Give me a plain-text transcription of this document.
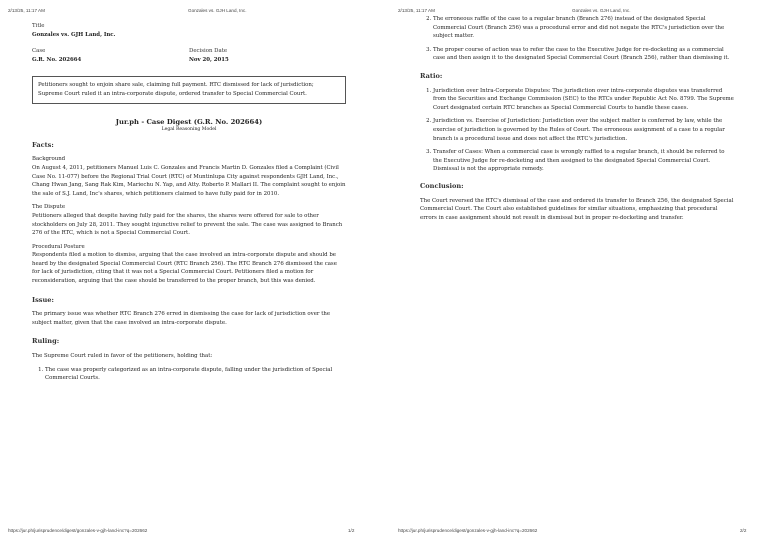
2/13/25, 11:17 AM	Gonzales vs. GJH Land, Inc.
Title
Gonzales vs. GJH Land, Inc.
Case
G.R. No. 202664
Decision Date
Nov 20, 2015
Petitioners sought to enjoin share sale, claiming full payment. RTC dismissed for lack of jurisdiction; Supreme Court ruled it an intra-corporate dispute, ordered transfer to Special Commercial Court.
Jur.ph - Case Digest (G.R. No. 202664)
Legal Reasoning Model
Facts:
Background

On August 4, 2011, petitioners Manuel Luis C. Gonzales and Francis Martin D. Gonzales filed a Complaint (Civil Case No. 11-077) before the Regional Trial Court (RTC) of Muntinlupa City against respondents GJH Land, Inc., Chang Hwan Jang, Sang Rak Kim, Mariechu N. Yap, and Atty. Roberto P. Mallari II. The complaint sought to enjoin the sale of S.J. Land, Inc's shares, which petitioners claimed to have fully paid for in 2010.

The Dispute

Petitioners alleged that despite having fully paid for the shares, the shares were offered for sale to other stockholders on July 28, 2011. They sought injunctive relief to prevent the sale. The case was assigned to Branch 276 of the RTC, which is not a Special Commercial Court.

Procedural Posture

Respondents filed a motion to dismiss, arguing that the case involved an intra-corporate dispute and should be heard by the designated Special Commercial Court (RTC Branch 256). The RTC Branch 276 dismissed the case for lack of jurisdiction, citing that it was not a Special Commercial Court. Petitioners filed a motion for reconsideration, arguing that the case should be transferred to the proper branch, but this was denied.

Issue:

The primary issue was whether RTC Branch 276 erred in dismissing the case for lack of jurisdiction over the subject matter, given that the case involved an intra-corporate dispute.

Ruling:

The Supreme Court ruled in favor of the petitioners, holding that:

1. The case was properly categorized as an intra-corporate dispute, falling under the jurisdiction of Special Commercial Courts.
https://jur.ph/jurisprudence/digest/gonzales-v-gjh-land-inc?q=202662	1/2
2/13/25, 11:17 AM	Gonzales vs. GJH Land, Inc.
2. The erroneous raffle of the case to a regular branch (Branch 276) instead of the designated Special Commercial Court (Branch 256) was a procedural error and did not negate the RTC's jurisdiction over the subject matter.
3. The proper course of action was to refer the case to the Executive Judge for re-docketing as a commercial case and then assign it to the designated Special Commercial Court (Branch 256), rather than dismissing it.
Ratio:
1. Jurisdiction over Intra-Corporate Disputes: The jurisdiction over intra-corporate disputes was transferred from the Securities and Exchange Commission (SEC) to the RTCs under Republic Act No. 8799. The Supreme Court designated certain RTC branches as Special Commercial Courts to handle these cases.
2. Jurisdiction vs. Exercise of Jurisdiction: Jurisdiction over the subject matter is conferred by law, while the exercise of jurisdiction is governed by the Rules of Court. The erroneous assignment of a case to a regular branch is a procedural issue and does not affect the RTC's jurisdiction.
3. Transfer of Cases: When a commercial case is wrongly raffled to a regular branch, it should be referred to the Executive Judge for re-docketing and then assigned to the designated Special Commercial Court. Dismissal is not the appropriate remedy.
Conclusion:

The Court reversed the RTC's dismissal of the case and ordered its transfer to Branch 256, the designated Special Commercial Court. The Court also established guidelines for similar situations, emphasizing that procedural errors in case assignment should not result in dismissal but in proper re-docketing and transfer.

https://jur.ph/jurisprudence/digest/gonzales-v-gjh-land-inc?q=202662	2/2
